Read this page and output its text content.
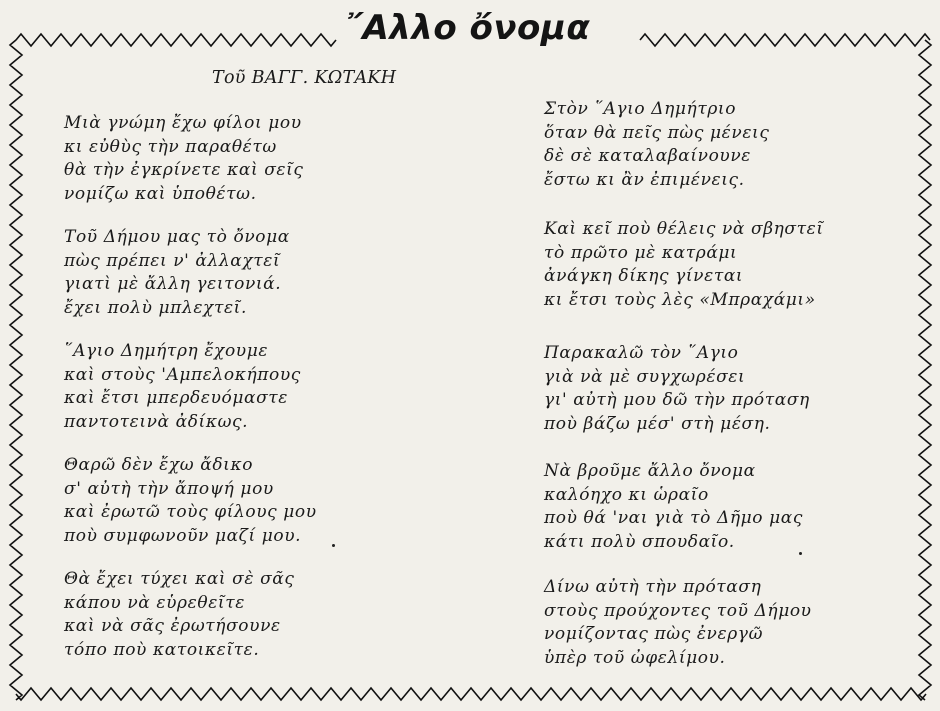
῎Αλλο ὄνομα
Τοῦ ΒΑΓΓ. ΚΩΤΑΚΗ
Μιὰ γνώμη ἔχω φίλοι μου
κι εὐθὺς τὴν παραθέτω
θὰ τὴν ἐγκρίνετε καὶ σεῖς
νομίζω καὶ ὑποθέτω.
Τοῦ Δήμου μας τὸ ὄνομα
πὼς πρέπει ν' ἀλλαχτεῖ
γιατὶ μὲ ἄλλη γειτονιά.
ἔχει πολὺ μπλεχτεῖ.
῞Αγιο Δημήτρη ἔχουμε
καὶ στοὺς 'Αμπελοκήπους
καὶ ἔτσι μπερδευόμαστε
παντοτεινὰ ἀδίκως.
Θαρῶ δὲν ἔχω ἄδικο
σ' αὐτὴ τὴν ἄποψή μου
καὶ ἐρωτῶ τοὺς φίλους μου
ποὺ συμφωνοῦν μαζί μου.
Θὰ ἔχει τύχει καὶ σὲ σᾶς
κάπου νὰ εὑρεθεῖτε
καὶ νὰ σᾶς ἐρωτήσουνε
τόπο ποὺ κατοικεῖτε.
Στὸν ῞Αγιο Δημήτριο
ὅταν θὰ πεῖς πὼς μένεις
δὲ σὲ καταλαβαίνουνε
ἔστω κι ἂν ἐπιμένεις.
Καὶ κεῖ ποὺ θέλεις νὰ σβηστεῖ
τὸ πρῶτο μὲ κατράμι
ἀνάγκη δίκης γίνεται
κι ἔτσι τοὺς λὲς «Μπραχάμι»
Παρακαλῶ τὸν ῞Αγιο
γιὰ νὰ μὲ συγχωρέσει
γι' αὐτὴ μου δῶ τὴν πρόταση
ποὺ βάζω μέσ' στὴ μέση.
Νὰ βροῦμε ἄλλο ὄνομα
καλόηχο κι ὡραῖο
ποὺ θά 'ναι γιὰ τὸ Δῆμο μας
κάτι πολὺ σπουδαῖο.
Δίνω αὐτὴ τὴν πρόταση
στοὺς προύχοντες τοῦ Δήμου
νομίζοντας πὼς ἐνεργῶ
ὑπὲρ τοῦ ὠφελίμου.
